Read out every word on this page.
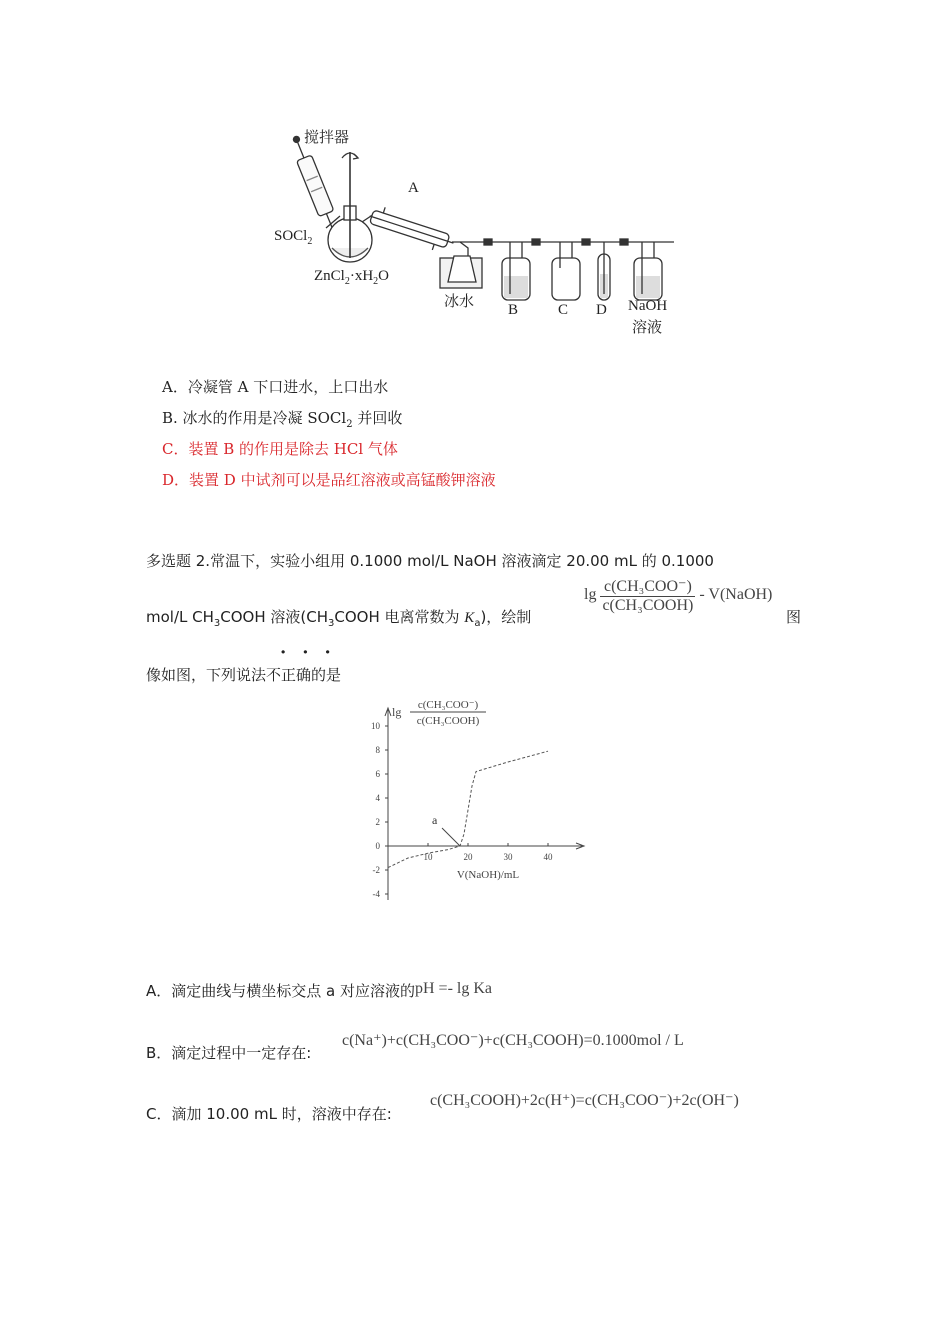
搅拌器
A
SOCl$_2$
$ZnCl_2\cdot xH_2O$
冰水 B	C D NaOH
溶液
A．冷凝管 A 下口进水，上口出水
B. 冰水的作用是冷凝 SOCl$_2$ 并回收
C．装置 B 的作用是除去 HCl 气体
D．装置 D 中试剂可以是品红溶液或高锰酸钾溶液
多选题 2.常温下，实验小组用 0.1000 mol/L NaOH 溶液滴定 20.00 mL 的 0.1000
mol/L $CH_3COOH$ 溶液($CH_3COOH$ 电离常数为 $K_a$)，绘制
$\lg \frac{\text{c(CH₃COO⁻)}}{\text{c(CH₃COOH)}}$ - V(NaOH)
图
···
像如图，下列说法不正确的是
10
8
6
4
2
0
-2
-4
10	20	30	40
a
lg c(CH₃COO⁻)
c(CH₃COOH)
V(NaOH)/mL
A．滴定曲线与横坐标交点 a 对应溶液的pH =- lg Ka
B．滴定过程中一定存在:
c(Na⁺)+c(CH₃COO⁻)+c(CH₃COOH)=0.1000mol / L
C．滴加 10.00 mL 时，溶液中存在:
c(CH₃COOH)+2c(H⁺)=c(CH₃COO⁻)+2c(OH⁻)
